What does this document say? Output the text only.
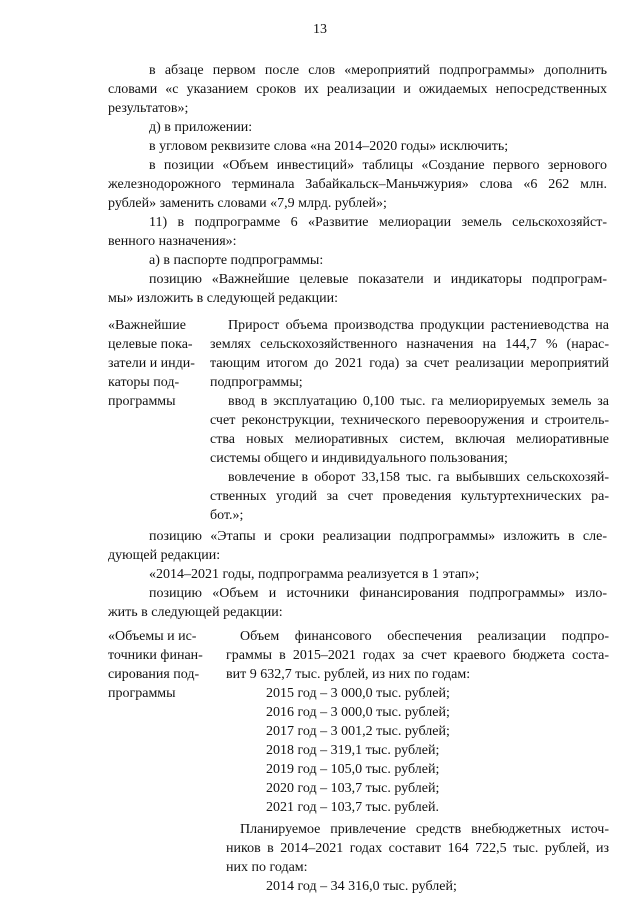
13
в абзаце первом после слов «мероприятий подпрограммы» дополнить
словами «с указанием сроков их реализации и ожидаемых непосредственных
результатов»;
д) в приложении:
в угловом реквизите слова «на 2014–2020 годы» исключить;
в позиции «Объем инвестиций» таблицы «Создание первого зернового
железнодорожного терминала Забайкальск–Маньчжурия» слова «6 262 млн.
рублей» заменить словами «7,9 млрд. рублей»;
11) в подпрограмме 6 «Развитие мелиорации земель сельскохозяйст-
венного назначения»:
а) в паспорте подпрограммы:
позицию «Важнейшие целевые показатели и индикаторы подпрограм-
мы» изложить в следующей редакции:
«Важнейшие
целевые пока-
затели и инди-
каторы под-
программы
Прирост объема производства продукции растениеводства на
землях сельскохозяйственного назначения на 144,7 % (нарас-
тающим итогом до 2021 года) за счет реализации мероприятий
подпрограммы;
ввод в эксплуатацию 0,100 тыс. га мелиорируемых земель за
счет реконструкции, технического перевооружения и строитель-
ства новых мелиоративных систем, включая мелиоративные
системы общего и индивидуального пользования;
вовлечение в оборот 33,158 тыс. га выбывших сельскохозяй-
ственных угодий за счет проведения культуртехнических ра-
бот.»;
позицию «Этапы и сроки реализации подпрограммы» изложить в сле-
дующей редакции:
«2014–2021 годы, подпрограмма реализуется в 1 этап»;
позицию «Объем и источники финансирования подпрограммы» изло-
жить в следующей редакции:
«Объемы и ис-
точники финан-
сирования под-
программы
Объем финансового обеспечения реализации подпро-
граммы в 2015–2021 годах за счет краевого бюджета соста-
вит 9 632,7 тыс. рублей, из них по годам:
2015 год – 3 000,0 тыс. рублей;
2016 год – 3 000,0 тыс. рублей;
2017 год – 3 001,2 тыс. рублей;
2018 год – 319,1 тыс. рублей;
2019 год – 105,0 тыс. рублей;
2020 год – 103,7 тыс. рублей;
2021 год – 103,7 тыс. рублей.
Планируемое привлечение средств внебюджетных источ-
ников в 2014–2021 годах составит 164 722,5 тыс. рублей, из
них по годам:
2014 год – 34 316,0 тыс. рублей;
